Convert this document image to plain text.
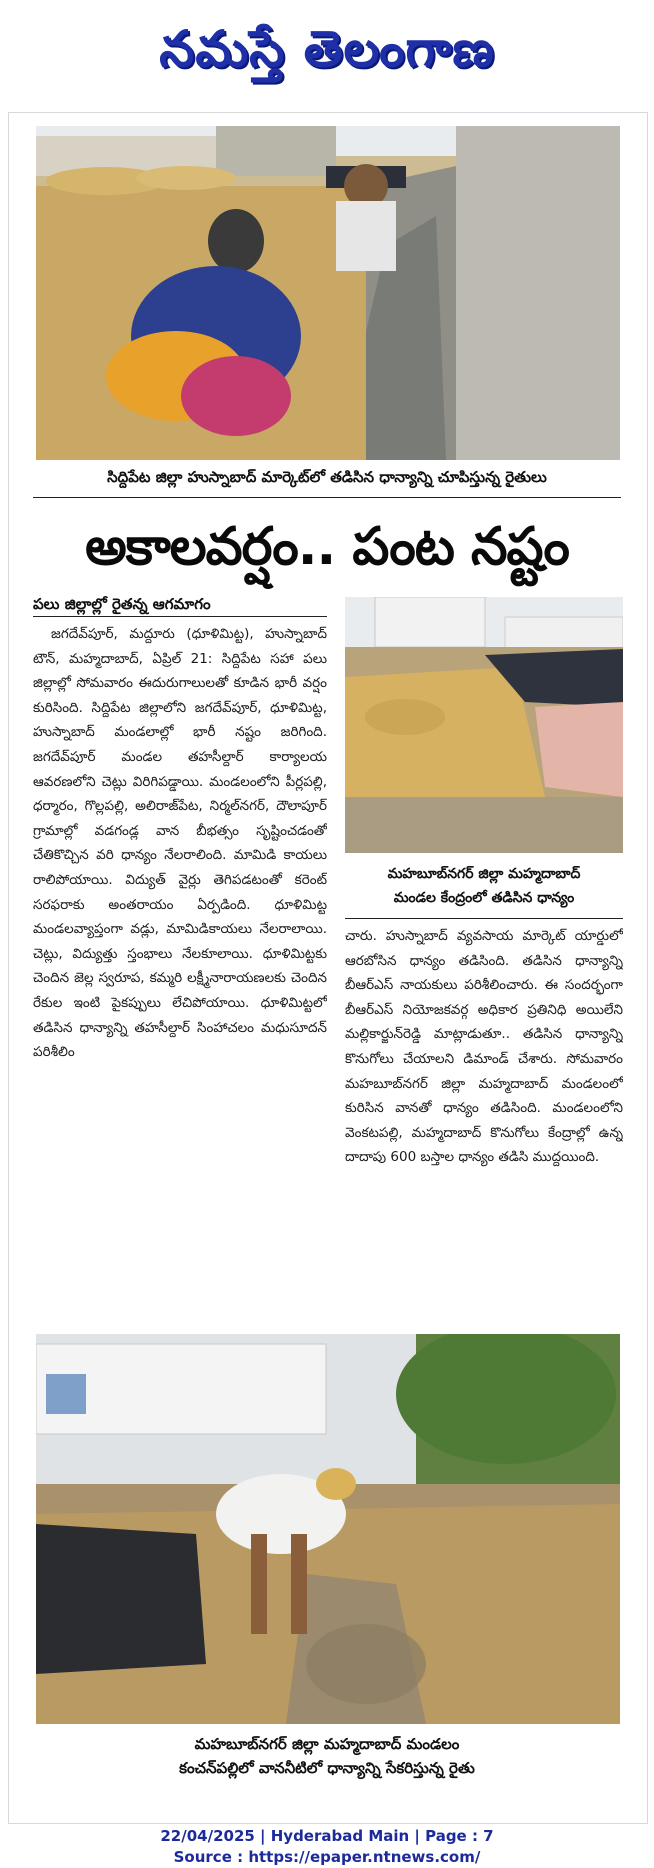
నమస్తే తెలంగాణ
సిద్దిపేట జిల్లా హుస్నాబాద్ మార్కెట్‌లో తడిసిన ధాన్యాన్ని చూపిస్తున్న రైతులు
అకాలవర్షం.. పంట నష్టం
పలు జిల్లాల్లో రైతన్న ఆగమాగం
జగదేవ్‌పూర్, మద్దూరు (ధూళిమిట్ట), హుస్నాబాద్ టౌన్, మహ్మదాబాద్, ఏప్రిల్ 21: సిద్దిపేట సహా పలు జిల్లాల్లో సోమవారం ఈదురుగాలులతో కూడిన భారీ వర్షం కురిసింది. సిద్దిపేట జిల్లాలోని జగదేవ్‌పూర్, ధూళిమిట్ట, హుస్నాబాద్ మండలాల్లో భారీ నష్టం జరిగింది. జగదేవ్‌పూర్ మండల తహసీల్దార్ కార్యాలయ ఆవరణలోని చెట్లు విరిగిపడ్డాయి. మండలంలోని పీర్లపల్లి, ధర్మారం, గొల్లపల్లి, అలిరాజ్‌పేట, నిర్మల్‌నగర్, దౌలాపూర్ గ్రామాల్లో వడగండ్ల వాన బీభత్సం సృష్టించడంతో చేతికొచ్చిన వరి ధాన్యం నేలరాలింది. మామిడి కాయలు రాలిపోయాయి. విద్యుత్ వైర్లు తెగిపడటంతో కరెంట్ సరఫరాకు అంతరాయం ఏర్పడింది. ధూళిమిట్ట మండలవ్యాప్తంగా వడ్లు, మామిడికాయలు నేలరాలాయి. చెట్లు, విద్యుత్తు స్తంభాలు నేలకూలాయి. ధూళిమిట్టకు చెందిన జెల్ల స్వరూప, కమ్మరి లక్ష్మీనారాయణలకు చెందిన రేకుల ఇంటి పైకప్పులు లేచిపోయాయి. ధూళిమిట్టలో తడిసిన ధాన్యాన్ని తహసీల్దార్ సింహాచలం మధుసూదన్ పరిశీలిం
మహబూబ్‌నగర్ జిల్లా మహ్మదాబాద్
మండల కేంద్రంలో తడిసిన ధాన్యం
చారు. హుస్నాబాద్ వ్యవసాయ మార్కెట్ యార్డులో ఆరబోసిన ధాన్యం తడిసింది. తడిసిన ధాన్యాన్ని బీఆర్‌ఎస్ నాయకులు పరిశీలించారు. ఈ సందర్భంగా బీఆర్‌ఎస్ నియోజకవర్గ అధికార ప్రతినిధి అయిలేని మల్లికార్జున్‌రెడ్డి మాట్లాడుతూ.. తడిసిన ధాన్యాన్ని కొనుగోలు చేయాలని డిమాండ్ చేశారు. సోమవారం మహబూబ్‌నగర్ జిల్లా మహ్మదాబాద్ మండలంలో కురిసిన వానతో ధాన్యం తడిసింది. మండలంలోని వెంకటపల్లి, మహ్మదాబాద్ కొనుగోలు కేంద్రాల్లో ఉన్న దాదాపు 600 బస్తాల ధాన్యం తడిసి ముద్దయింది.
మహబూబ్‌నగర్ జిల్లా మహ్మదాబాద్ మండలం
కంచన్‌పల్లిలో వాననీటిలో ధాన్యాన్ని సేకరిస్తున్న రైతు
22/04/2025 | Hyderabad Main | Page : 7
Source : https://epaper.ntnews.com/
